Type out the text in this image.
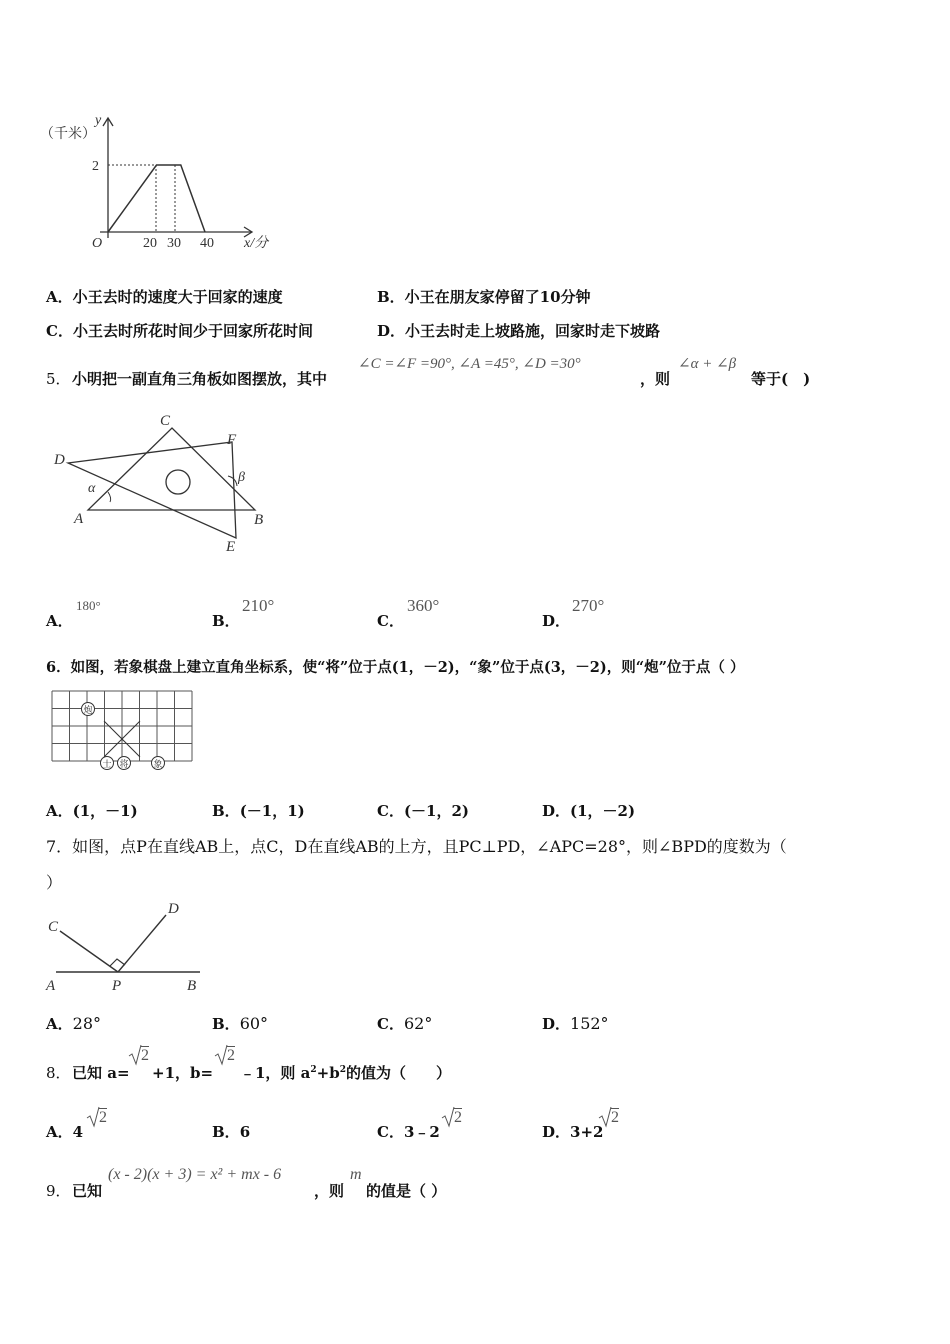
y
（千米）
2
O	20 30 40 x/分
A．小王去时的速度大于回家的速度	B．小王在朋友家停留了10分钟
C．小王去时所花时间少于回家所花时间	D．小王去时走上坡路施，回家时走下坡路
5． 小明把一副直角三角板如图摆放，其中
∠C =∠F =90°, ∠A =45°, ∠D =30°
，则
∠α + ∠β
等于(　)
C
F
D
α
β
A	B
E
A．
180°
B．
210°
C．
360°
D．
270°
6．如图，若象棋盘上建立直角坐标系，使“将”位于点(1，－2)，“象”位于点(3，－2)，则“炮”位于点（ ）
炮
士 将	象
A．(1，－1)	B．(－1，1)	C．(－1，2)	D．(1，－2)
7．如图，点P在直线AB上，点C，D在直线AB的上方，且PC⊥PD，∠APC=28°，则∠BPD的度数为（
）
C
D
A	P	B
A．28°	B．60°	C．62°	D．152°
8． 已知 a=
2
+1，b=
2
﹣1，则 $a^2+b^2$的值为（　　）
A．4
2
B．6	C．3﹣2
2
D．3+2
2
9． 已知
(x - 2)(x + 3) = x² + mx - 6
，则
m
的值是（ ）
